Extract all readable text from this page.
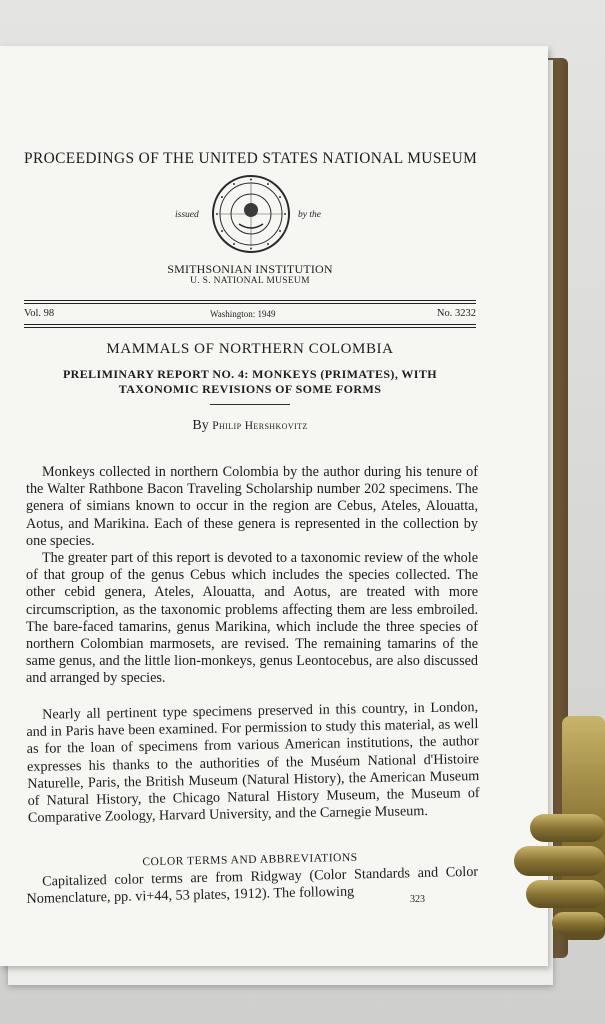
PROCEEDINGS OF THE UNITED STATES NATIONAL MUSEUM
issued	by the
SMITHSONIAN INSTITUTION
U. S. NATIONAL MUSEUM
Vol. 98	Washington: 1949	No. 3232
MAMMALS OF NORTHERN COLOMBIA
PRELIMINARY REPORT NO. 4: MONKEYS (PRIMATES), WITH
TAXONOMIC REVISIONS OF SOME FORMS
By Philip Hershkovitz

Monkeys collected in northern Colombia by the author during his tenure of the Walter Rathbone Bacon Traveling Scholarship number 202 specimens. The genera of simians known to occur in the region are Cebus, Ateles, Alouatta, Aotus, and Marikina. Each of these genera is represented in the collection by one species.

The greater part of this report is devoted to a taxonomic review of the whole of that group of the genus Cebus which includes the species collected. The other cebid genera, Ateles, Alouatta, and Aotus, are treated with more circumscription, as the taxonomic problems affecting them are less embroiled. The bare-faced tamarins, genus Marikina, which include the three species of northern Colombian marmosets, are revised. The remaining tamarins of the same genus, and the little lion-monkeys, genus Leontocebus, are also discussed and arranged by species.

Nearly all pertinent type specimens preserved in this country, in London, and in Paris have been examined. For permission to study this material, as well as for the loan of specimens from various American institutions, the author expresses his thanks to the authorities of the Muséum National d'Histoire Naturelle, Paris, the British Museum (Natural History), the American Museum of Natural History, the Chicago Natural History Museum, the Museum of Comparative Zoology, Harvard University, and the Carnegie Museum.

COLOR TERMS AND ABBREVIATIONS

Capitalized color terms are from Ridgway (Color Standards and Color Nomenclature, pp. vi+44, 53 plates, 1912). The following	323
